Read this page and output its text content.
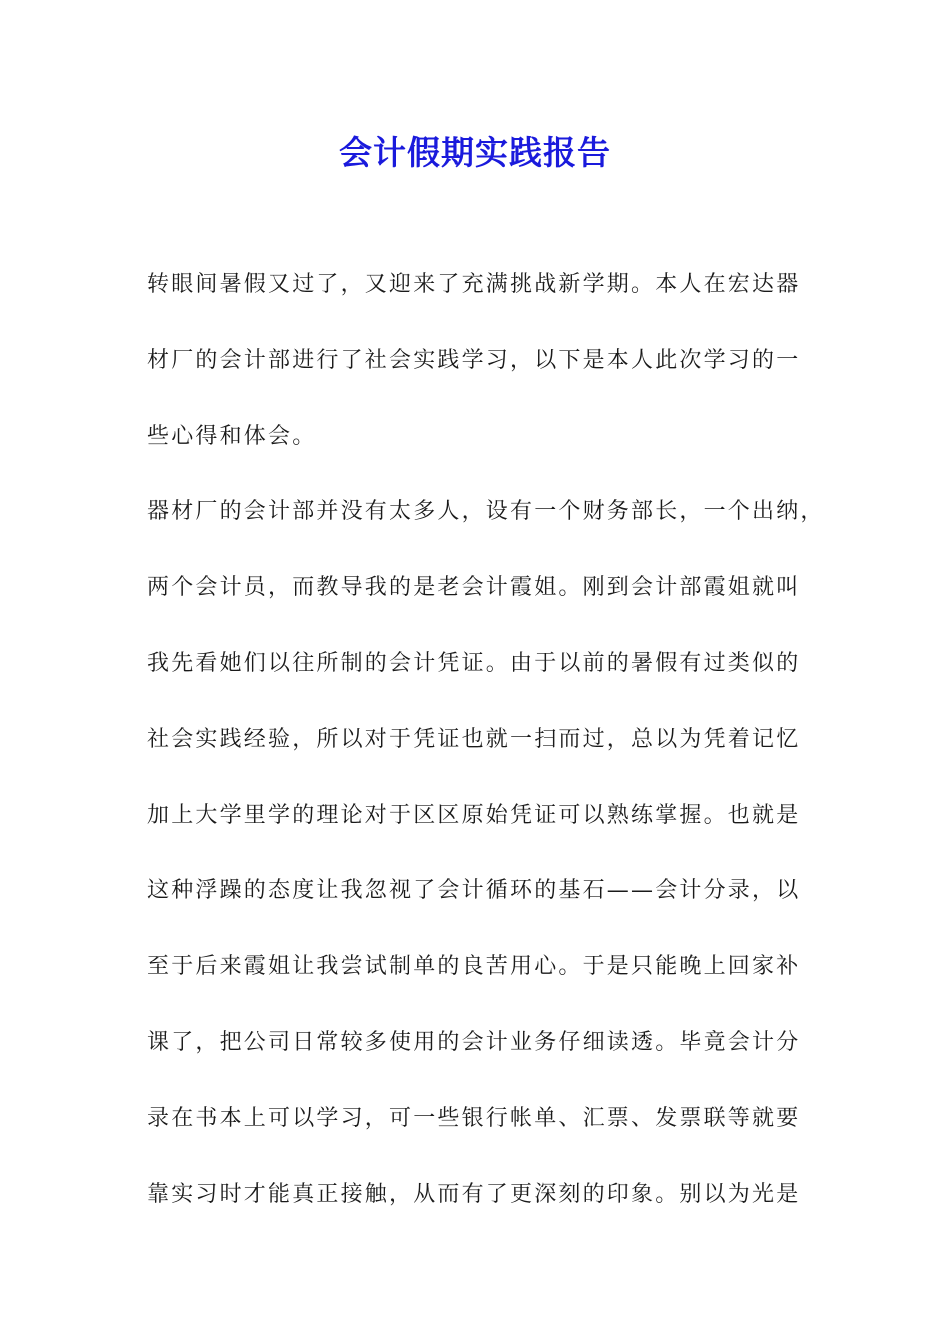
会计假期实践报告
转眼间暑假又过了，又迎来了充满挑战新学期。本人在宏达器
材厂的会计部进行了社会实践学习，以下是本人此次学习的一
些心得和体会。
器材厂的会计部并没有太多人，设有一个财务部长，一个出纳，
两个会计员，而教导我的是老会计霞姐。刚到会计部霞姐就叫
我先看她们以往所制的会计凭证。由于以前的暑假有过类似的
社会实践经验，所以对于凭证也就一扫而过，总以为凭着记忆
加上大学里学的理论对于区区原始凭证可以熟练掌握。也就是
这种浮躁的态度让我忽视了会计循环的基石——会计分录，以
至于后来霞姐让我尝试制单的良苦用心。于是只能晚上回家补
课了，把公司日常较多使用的会计业务仔细读透。毕竟会计分
录在书本上可以学习，可一些银行帐单、汇票、发票联等就要
靠实习时才能真正接触，从而有了更深刻的印象。别以为光是
